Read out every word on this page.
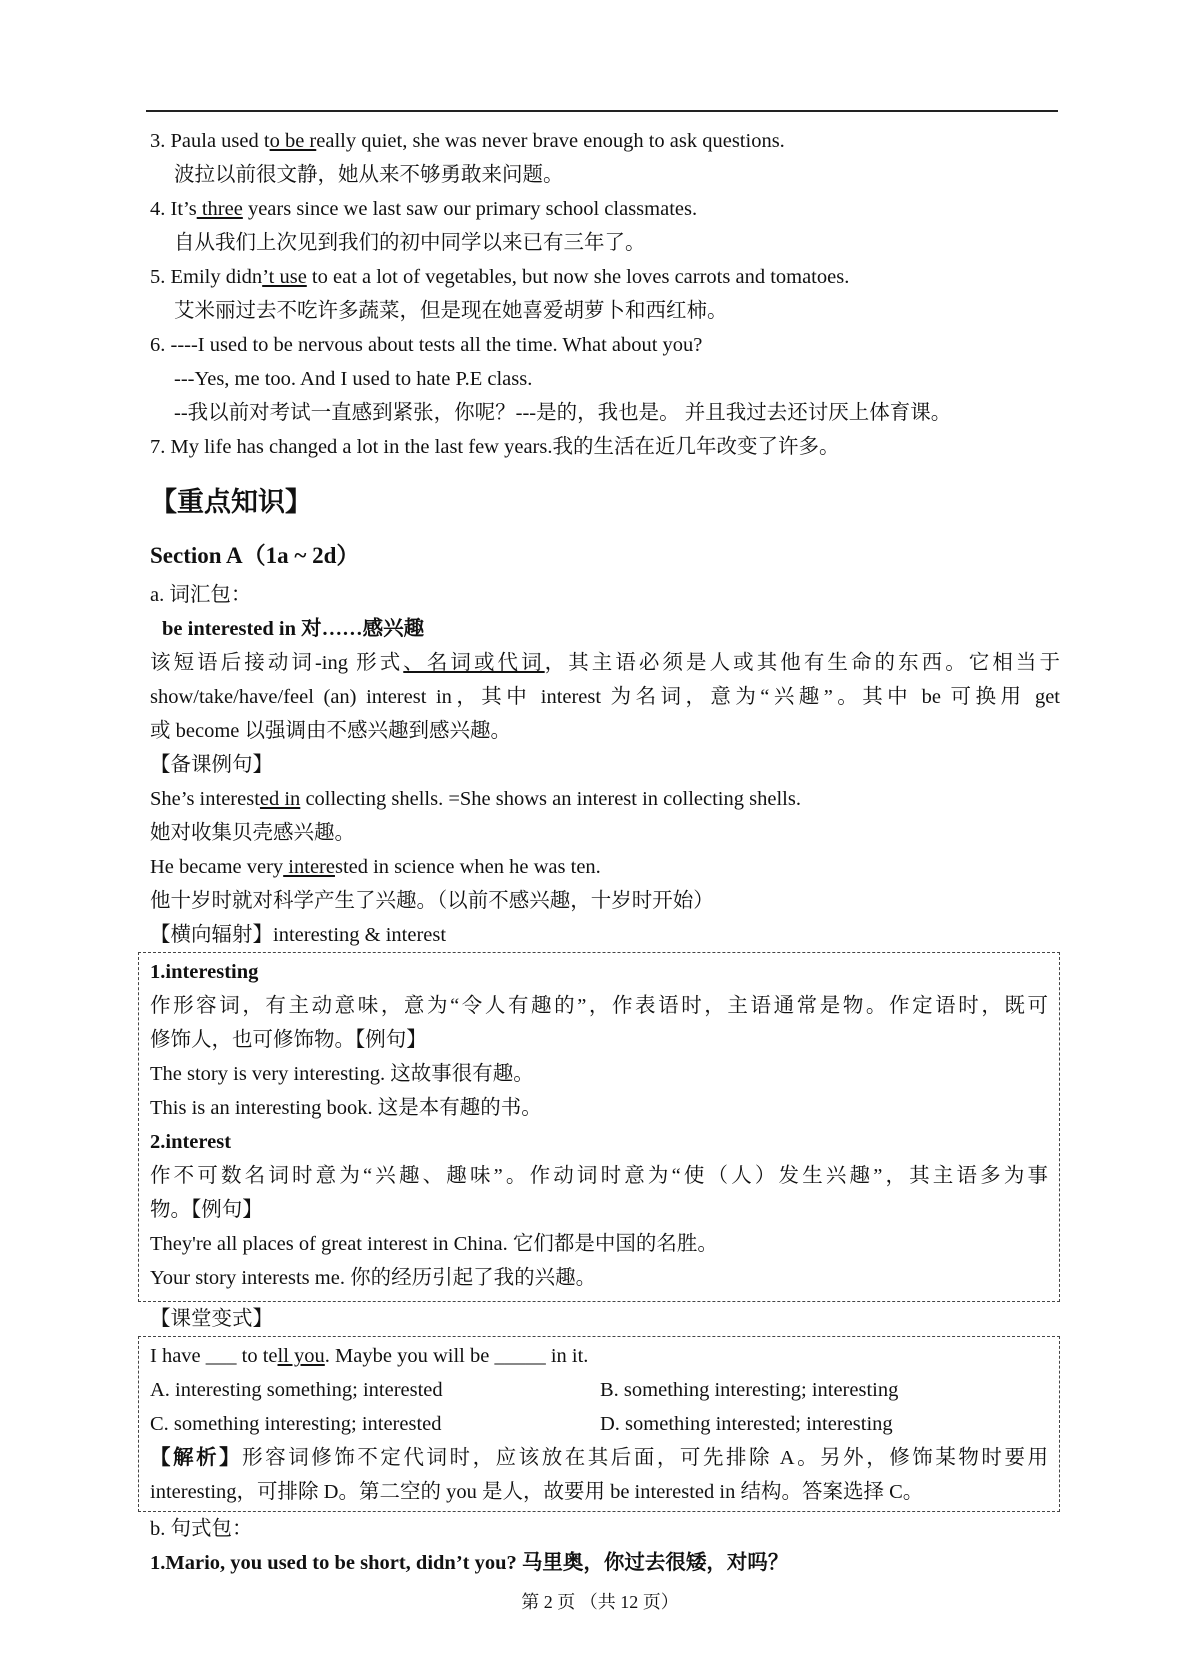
3. Paula used to be really quiet, she was never brave enough to ask questions.
波拉以前很文静，她从来不够勇敢来问题。
4. It’s three years since we last saw our primary school classmates.
自从我们上次见到我们的初中同学以来已有三年了。
5. Emily didn’t use to eat a lot of vegetables, but now she loves carrots and tomatoes.
艾米丽过去不吃许多蔬菜，但是现在她喜爱胡萝卜和西红柿。
6. ----I used to be nervous about tests all the time. What about you?
---Yes, me too. And I used to hate P.E class.
--我以前对考试一直感到紧张，你呢？---是的，我也是。 并且我过去还讨厌上体育课。
7. My life has changed a lot in the last few years.我的生活在近几年改变了许多。
【重点知识】
Section A（1a ~ 2d）
a. 词汇包：
be interested in 对……感兴趣
该短语后接动词-ing 形式、名词或代词，其主语必须是人或其他有生命的东西。它相当于
show/take/have/feel (an) interest in，其中 interest 为名词，意为“兴趣”。其中 be 可换用 get
或 become 以强调由不感兴趣到感兴趣。
【备课例句】
She’s interested in collecting shells. =She shows an interest in collecting shells.
她对收集贝壳感兴趣。
He became very interested in science when he was ten.
他十岁时就对科学产生了兴趣。（以前不感兴趣，十岁时开始）
【横向辐射】interesting & interest
1.interesting
作形容词，有主动意味，意为“令人有趣的”，作表语时，主语通常是物。作定语时，既可
修饰人，也可修饰物。【例句】
The story is very interesting. 这故事很有趣。
This is an interesting book. 这是本有趣的书。
2.interest
作不可数名词时意为“兴趣、趣味”。作动词时意为“使（人）发生兴趣”，其主语多为事
物。【例句】
They're all places of great interest in China. 它们都是中国的名胜。
Your story interests me. 你的经历引起了我的兴趣。
【课堂变式】
I have ___ to tell you. Maybe you will be _____ in it.
A. interesting something; interested	B. something interesting; interesting
C. something interesting; interested	D. something interested; interesting
【解析】形容词修饰不定代词时，应该放在其后面，可先排除 A。另外，修饰某物时要用
interesting，可排除 D。第二空的 you 是人，故要用 be interested in 结构。答案选择 C。
b. 句式包：
1.Mario, you used to be short, didn’t you? 马里奥，你过去很矮，对吗？
第 2 页 （共 12 页）
